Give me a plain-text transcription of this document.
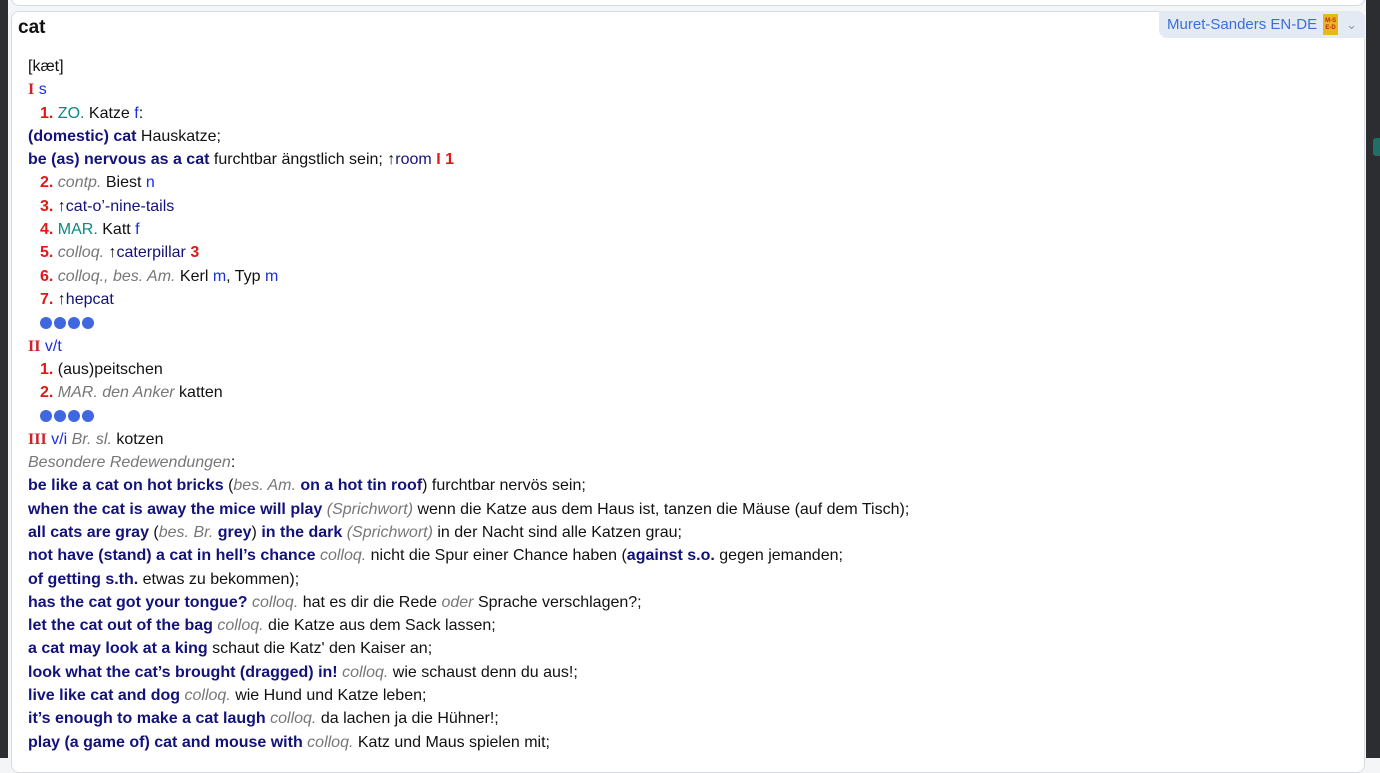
cat	Muret-Sanders EN-DE	M-S E-D ⌄
[kæt]
I s
1. ZO. Katze f:
(domestic) cat Hauskatze;
be (as) nervous as a cat furchtbar ängstlich sein; ↑room I 1
2. contp. Biest n
3. ↑cat-o’-nine-tails
4. MAR. Katt f
5. colloq. ↑caterpillar 3
6. colloq., bes. Am. Kerl m, Typ m
7. ↑hepcat
II v/t
1. (aus)peitschen
2. MAR. den Anker katten
III v/i Br. sl. kotzen
Besondere Redewendungen:
be like a cat on hot bricks (bes. Am. on a hot tin roof) furchtbar nervös sein;
when the cat is away the mice will play (Sprichwort) wenn die Katze aus dem Haus ist, tanzen die Mäuse (auf dem Tisch);
all cats are gray (bes. Br. grey) in the dark (Sprichwort) in der Nacht sind alle Katzen grau;
not have (stand) a cat in hell’s chance colloq. nicht die Spur einer Chance haben (against s.o. gegen jemanden;
of getting s.th. etwas zu bekommen);
has the cat got your tongue? colloq. hat es dir die Rede oder Sprache verschlagen?;
let the cat out of the bag colloq. die Katze aus dem Sack lassen;
a cat may look at a king schaut die Katz' den Kaiser an;
look what the cat’s brought (dragged) in! colloq. wie schaust denn du aus!;
live like cat and dog colloq. wie Hund und Katze leben;
it’s enough to make a cat laugh colloq. da lachen ja die Hühner!;
play (a game of) cat and mouse with colloq. Katz und Maus spielen mit;
